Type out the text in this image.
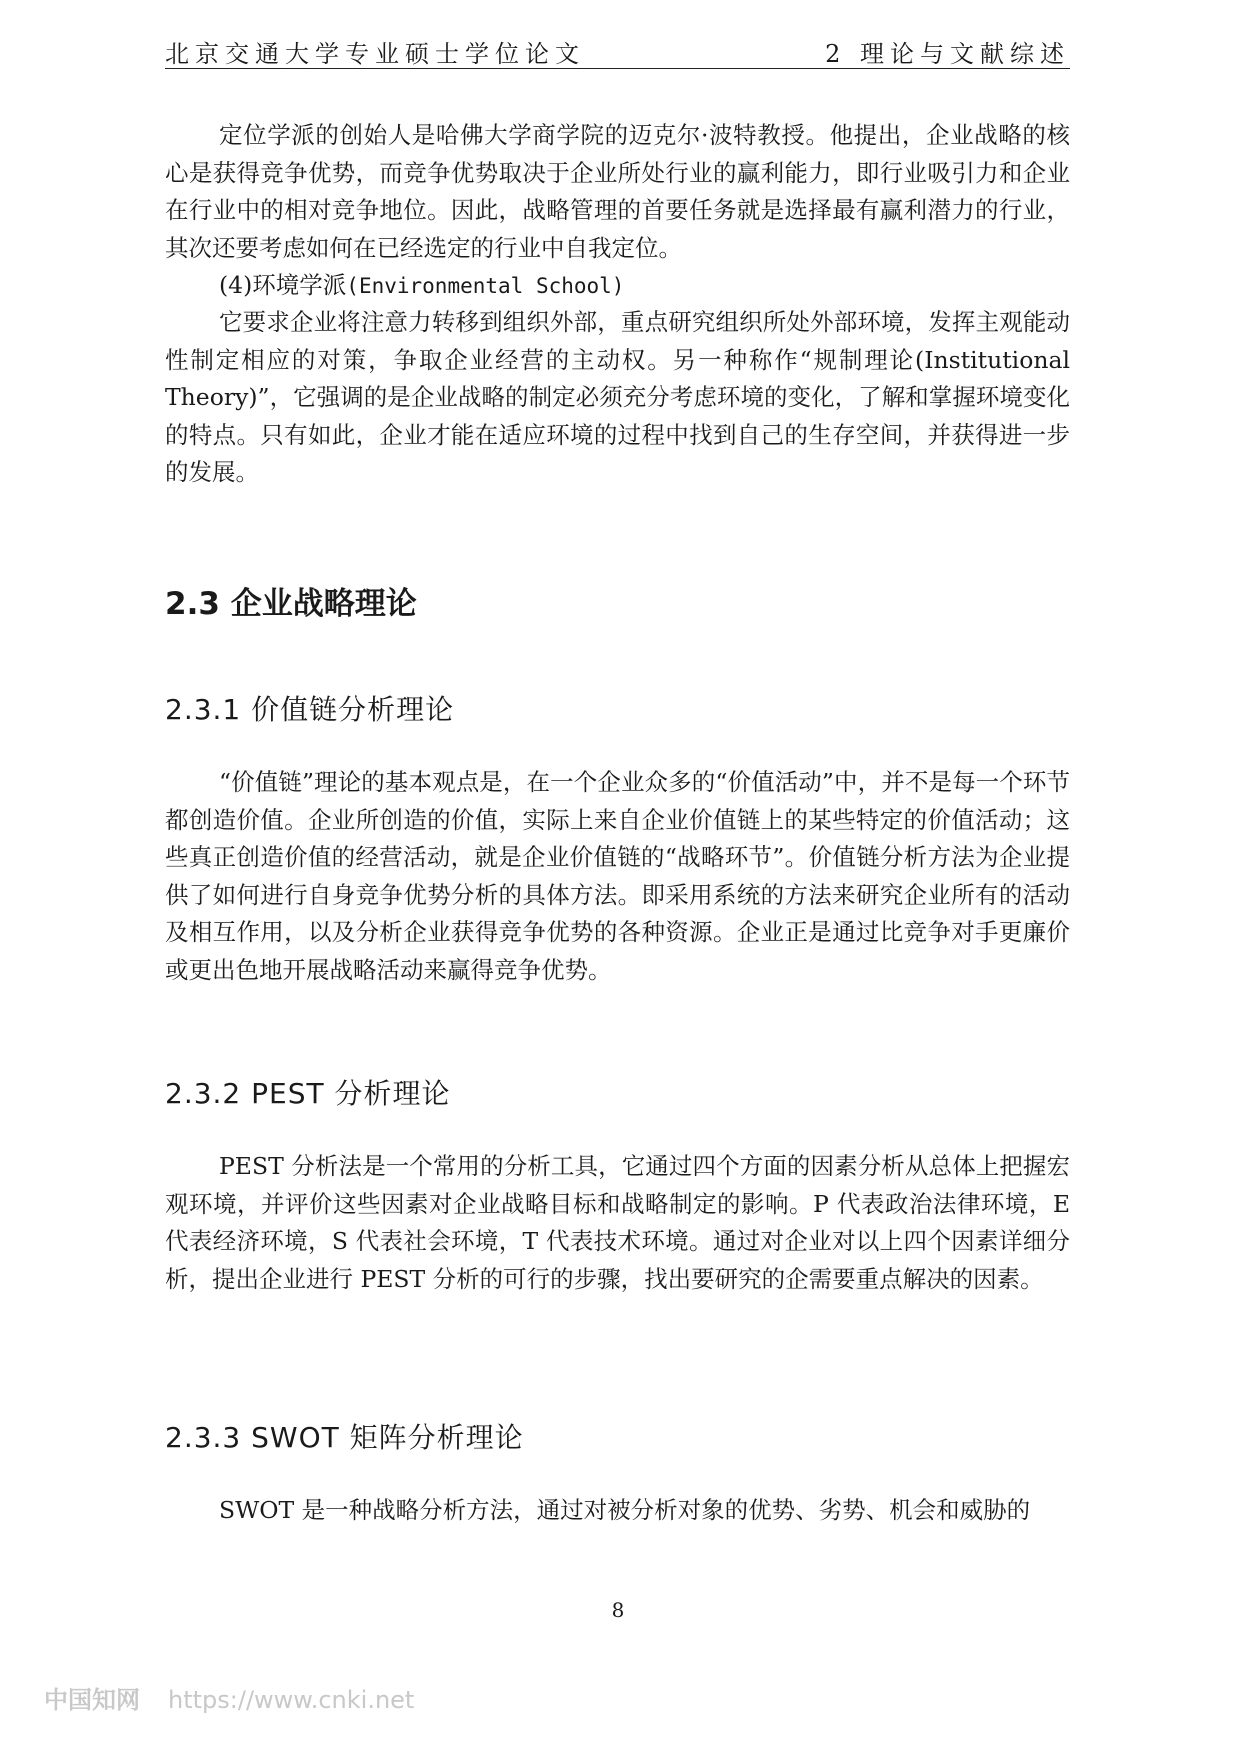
北京交通大学专业硕士学位论文	2 理论与文献综述

定位学派的创始人是哈佛大学商学院的迈克尔·波特教授。他提出，企业战略的核心是获得竞争优势，而竞争优势取决于企业所处行业的赢利能力，即行业吸引力和企业在行业中的相对竞争地位。因此，战略管理的首要任务就是选择最有赢利潜力的行业，其次还要考虑如何在已经选定的行业中自我定位。

(4)环境学派(Environmental School)

它要求企业将注意力转移到组织外部，重点研究组织所处外部环境，发挥主观能动性制定相应的对策，争取企业经营的主动权。另一种称作“规制理论(Institutional Theory)”，它强调的是企业战略的制定必须充分考虑环境的变化，了解和掌握环境变化的特点。只有如此，企业才能在适应环境的过程中找到自己的生存空间，并获得进一步的发展。

2.3 企业战略理论
2.3.1 价值链分析理论

“价值链”理论的基本观点是，在一个企业众多的“价值活动”中，并不是每一个环节都创造价值。企业所创造的价值，实际上来自企业价值链上的某些特定的价值活动；这些真正创造价值的经营活动，就是企业价值链的“战略环节”。价值链分析方法为企业提供了如何进行自身竞争优势分析的具体方法。即采用系统的方法来研究企业所有的活动及相互作用，以及分析企业获得竞争优势的各种资源。企业正是通过比竞争对手更廉价或更出色地开展战略活动来赢得竞争优势。

2.3.2 PEST 分析理论

PEST 分析法是一个常用的分析工具，它通过四个方面的因素分析从总体上把握宏观环境，并评价这些因素对企业战略目标和战略制定的影响。P 代表政治法律环境，E 代表经济环境，S 代表社会环境，T 代表技术环境。通过对企业对以上四个因素详细分析，提出企业进行 PEST 分析的可行的步骤，找出要研究的企需要重点解决的因素。

2.3.3 SWOT 矩阵分析理论

SWOT 是一种战略分析方法，通过对被分析对象的优势、劣势、机会和威胁的

8
中国知网 https://www.cnki.net
